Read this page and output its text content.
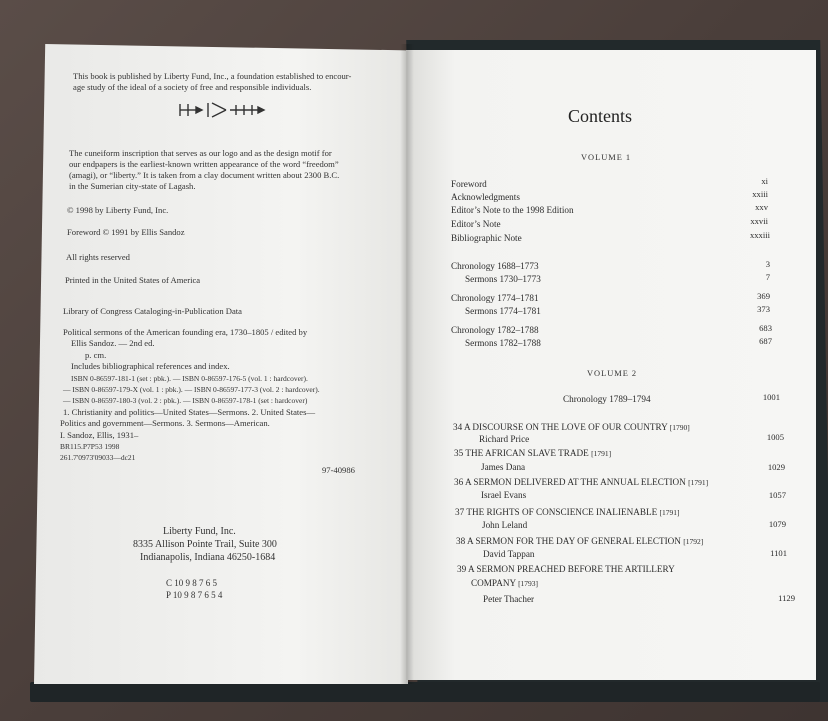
This book is published by Liberty Fund, Inc., a foundation established to encour-
age study of the ideal of a society of free and responsible individuals.
The cuneiform inscription that serves as our logo and as the design motif for
our endpapers is the earliest-known written appearance of the word “freedom”
(amagi), or “liberty.” It is taken from a clay document written about 2300 B.C.
in the Sumerian city-state of Lagash.
© 1998 by Liberty Fund, Inc.
Foreword © 1991 by Ellis Sandoz
All rights reserved
Printed in the United States of America
Library of Congress Cataloging-in-Publication Data
Political sermons of the American founding era, 1730–1805 / edited by
Ellis Sandoz. — 2nd ed.
p. cm.
Includes bibliographical references and index.
ISBN 0-86597-181-1 (set : pbk.). — ISBN 0-86597-176-5 (vol. 1 : hardcover).
— ISBN 0-86597-179-X (vol. 1 : pbk.). — ISBN 0-86597-177-3 (vol. 2 : hardcover).
— ISBN 0-86597-180-3 (vol. 2 : pbk.). — ISBN 0-86597-178-1 (set : hardcover)
1. Christianity and politics—United States—Sermons. 2. United States—
Politics and government—Sermons. 3. Sermons—American.
I. Sandoz, Ellis, 1931–
BR115.P7P53 1998
261.7'0973'09033—dc21
97-40986
Liberty Fund, Inc.
8335 Allison Pointe Trail, Suite 300
Indianapolis, Indiana 46250-1684
C 10 9 8 7 6 5
P 10 9 8 7 6 5 4
Contents
VOLUME 1
Foreword	xi
Acknowledgments	xxiii
Editor’s Note to the 1998 Edition	xxv
Editor’s Note	xxvii
Bibliographic Note	xxxiii
Chronology 1688–1773	3
Sermons 1730–1773	7
Chronology 1774–1781	369
Sermons 1774–1781	373
Chronology 1782–1788	683
Sermons 1782–1788	687
VOLUME 2
Chronology 1789–1794	1001
34 A DISCOURSE ON THE LOVE OF OUR COUNTRY [1790]
Richard Price	1005
35 THE AFRICAN SLAVE TRADE [1791]
James Dana	1029
36 A SERMON DELIVERED AT THE ANNUAL ELECTION [1791]
Israel Evans	1057
37 THE RIGHTS OF CONSCIENCE INALIENABLE [1791]
John Leland	1079
38 A SERMON FOR THE DAY OF GENERAL ELECTION [1792]
David Tappan	1101
39 A SERMON PREACHED BEFORE THE ARTILLERY
COMPANY [1793]
Peter Thacher	1129
